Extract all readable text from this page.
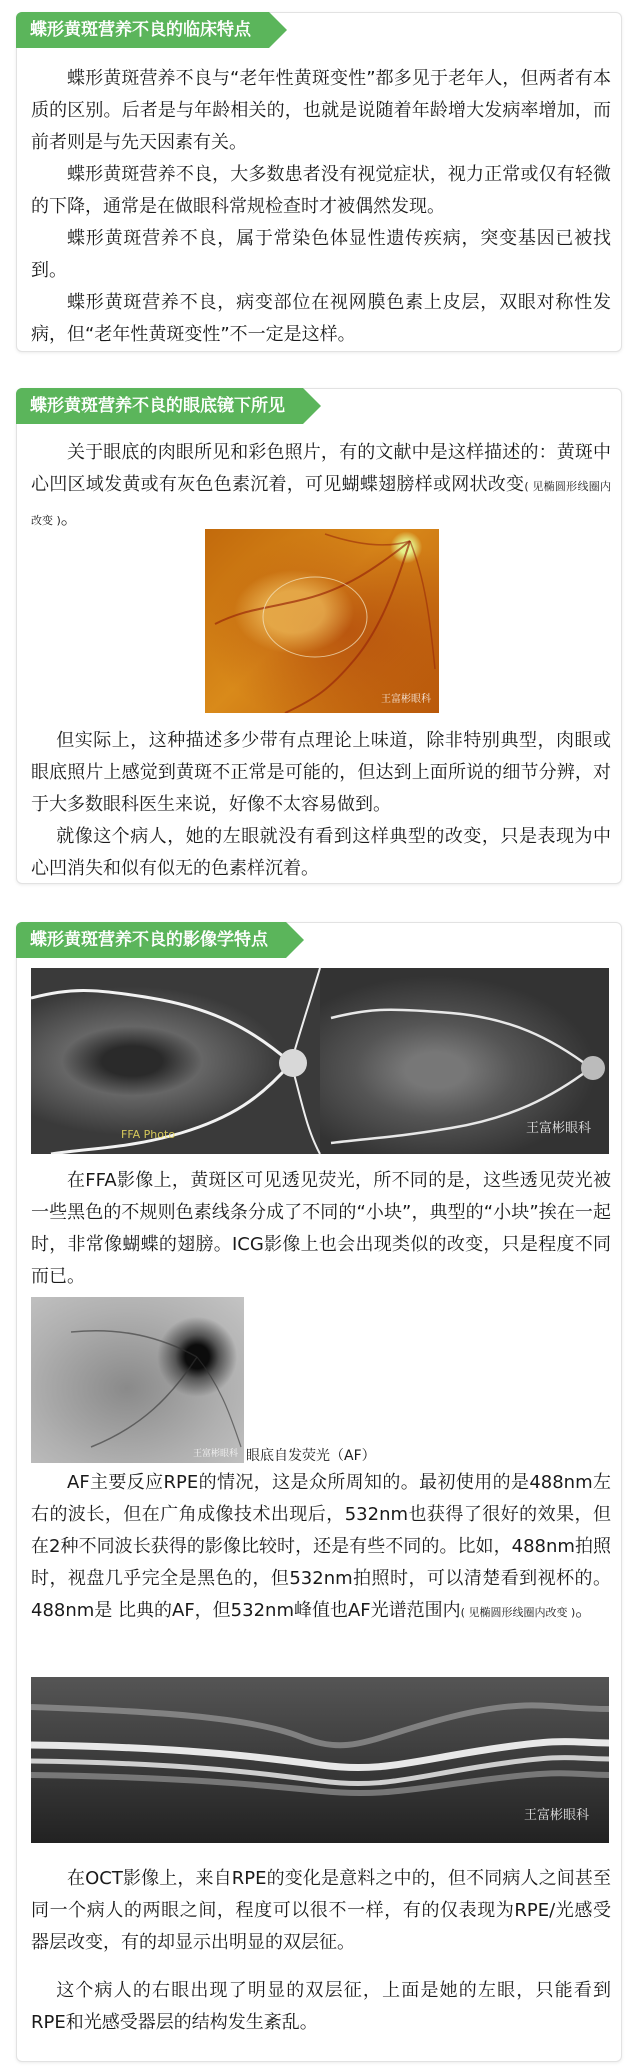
蝶形黄斑营养不良的临床特点

蝶形黄斑营养不良与“老年性黄斑变性”都多见于老年人，但两者有本质的区别。后者是与年龄相关的，也就是说随着年龄增大发病率增加，而前者则是与先天因素有关。

蝶形黄斑营养不良，大多数患者没有视觉症状，视力正常或仅有轻微的下降，通常是在做眼科常规检查时才被偶然发现。

蝶形黄斑营养不良，属于常染色体显性遗传疾病，突变基因已被找到。

蝶形黄斑营养不良，病变部位在视网膜色素上皮层，双眼对称性发病，但“老年性黄斑变性”不一定是这样。

蝶形黄斑营养不良的眼底镜下所见

关于眼底的肉眼所见和彩色照片，有的文献中是这样描述的：黄斑中心凹区域发黄或有灰色色素沉着，可见蝴蝶翅膀样或网状改变( 见椭圆形线圈内改变 )。

王富彬眼科

但实际上，这种描述多少带有点理论上味道，除非特别典型，肉眼或眼底照片上感觉到黄斑不正常是可能的，但达到上面所说的细节分辨，对于大多数眼科医生来说，好像不太容易做到。

就像这个病人，她的左眼就没有看到这样典型的改变，只是表现为中心凹消失和似有似无的色素样沉着。

蝶形黄斑营养不良的影像学特点
FFA Photo	王富彬眼科

在FFA影像上，黄斑区可见透见荧光，所不同的是，这些透见荧光被一些黑色的不规则色素线条分成了不同的“小块”，典型的“小块”挨在一起时，非常像蝴蝶的翅膀。ICG影像上也会出现类似的改变，只是程度不同而已。

王富彬眼科 眼底自发荧光（AF）

AF主要反应RPE的情况，这是众所周知的。最初使用的是488nm左右的波长，但在广角成像技术出现后，532nm也获得了很好的效果，但在2种不同波长获得的影像比较时，还是有些不同的。比如，488nm拍照时，视盘几乎完全是黑色的，但532nm拍照时，可以清楚看到视杯的。488nm是 比典的AF，但532nm峰值也AF光谱范围内( 见椭圆形线圈内改变 )。

王富彬眼科

在OCT影像上，来自RPE的变化是意料之中的，但不同病人之间甚至同一个病人的两眼之间，程度可以很不一样，有的仅表现为RPE/光感受器层改变，有的却显示出明显的双层征。

这个病人的右眼出现了明显的双层征，上面是她的左眼，只能看到RPE和光感受器层的结构发生紊乱。
